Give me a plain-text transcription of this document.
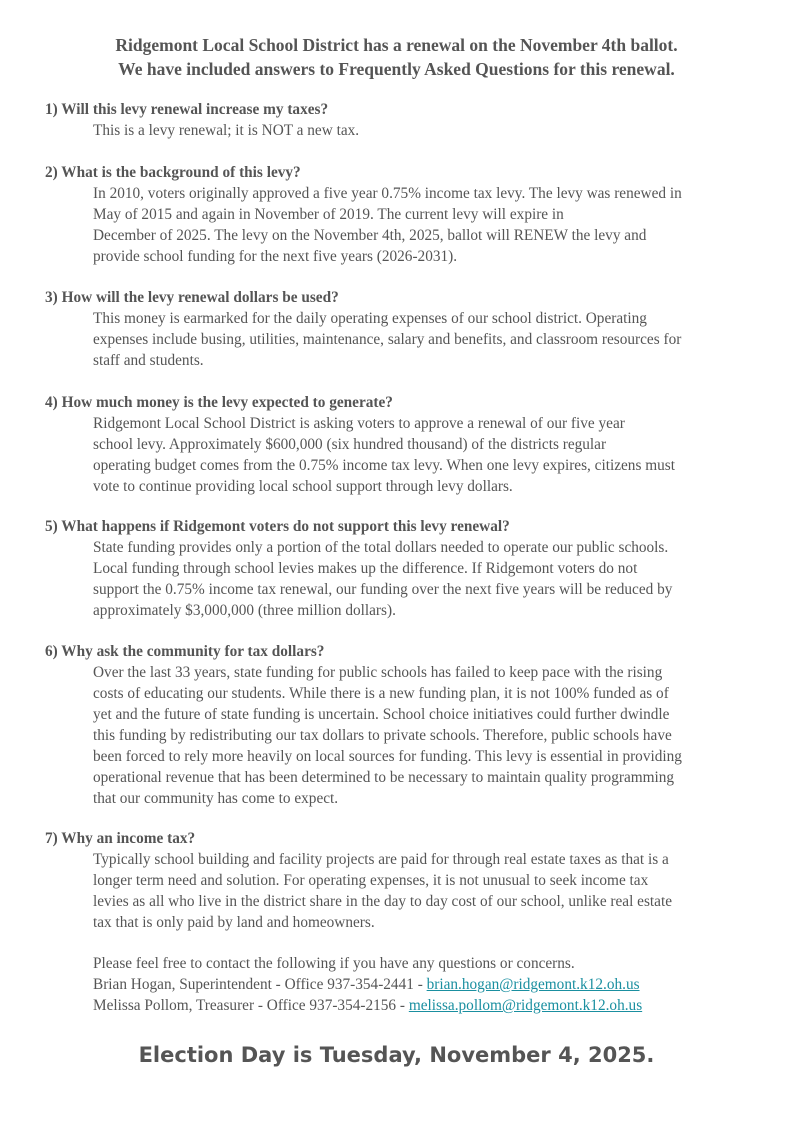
Ridgemont Local School District has a renewal on the November 4th ballot.
We have included answers to Frequently Asked Questions for this renewal.
1) Will this levy renewal increase my taxes?
This is a levy renewal; it is NOT a new tax.
2) What is the background of this levy?
In 2010, voters originally approved a five year 0.75% income tax levy. The levy was renewed in
May of 2015 and again in November of 2019. The current levy will expire in
December of 2025. The levy on the November 4th, 2025, ballot will RENEW the levy and
provide school funding for the next five years (2026-2031).
3) How will the levy renewal dollars be used?
This money is earmarked for the daily operating expenses of our school district. Operating
expenses include busing, utilities, maintenance, salary and benefits, and classroom resources for
staff and students.
4) How much money is the levy expected to generate?
Ridgemont Local School District is asking voters to approve a renewal of our five year
school levy. Approximately $600,000 (six hundred thousand) of the districts regular
operating budget comes from the 0.75% income tax levy. When one levy expires, citizens must
vote to continue providing local school support through levy dollars.
5) What happens if Ridgemont voters do not support this levy renewal?
State funding provides only a portion of the total dollars needed to operate our public schools.
Local funding through school levies makes up the difference. If Ridgemont voters do not
support the 0.75% income tax renewal, our funding over the next five years will be reduced by
approximately $3,000,000 (three million dollars).
6) Why ask the community for tax dollars?
Over the last 33 years, state funding for public schools has failed to keep pace with the rising
costs of educating our students. While there is a new funding plan, it is not 100% funded as of
yet and the future of state funding is uncertain. School choice initiatives could further dwindle
this funding by redistributing our tax dollars to private schools. Therefore, public schools have
been forced to rely more heavily on local sources for funding. This levy is essential in providing
operational revenue that has been determined to be necessary to maintain quality programming
that our community has come to expect.
7) Why an income tax?
Typically school building and facility projects are paid for through real estate taxes as that is a
longer term need and solution. For operating expenses, it is not unusual to seek income tax
levies as all who live in the district share in the day to day cost of our school, unlike real estate
tax that is only paid by land and homeowners.
Please feel free to contact the following if you have any questions or concerns.
Brian Hogan, Superintendent - Office 937-354-2441 - brian.hogan@ridgemont.k12.oh.us
Melissa Pollom, Treasurer - Office 937-354-2156 - melissa.pollom@ridgemont.k12.oh.us
Election Day is Tuesday, November 4, 2025.
